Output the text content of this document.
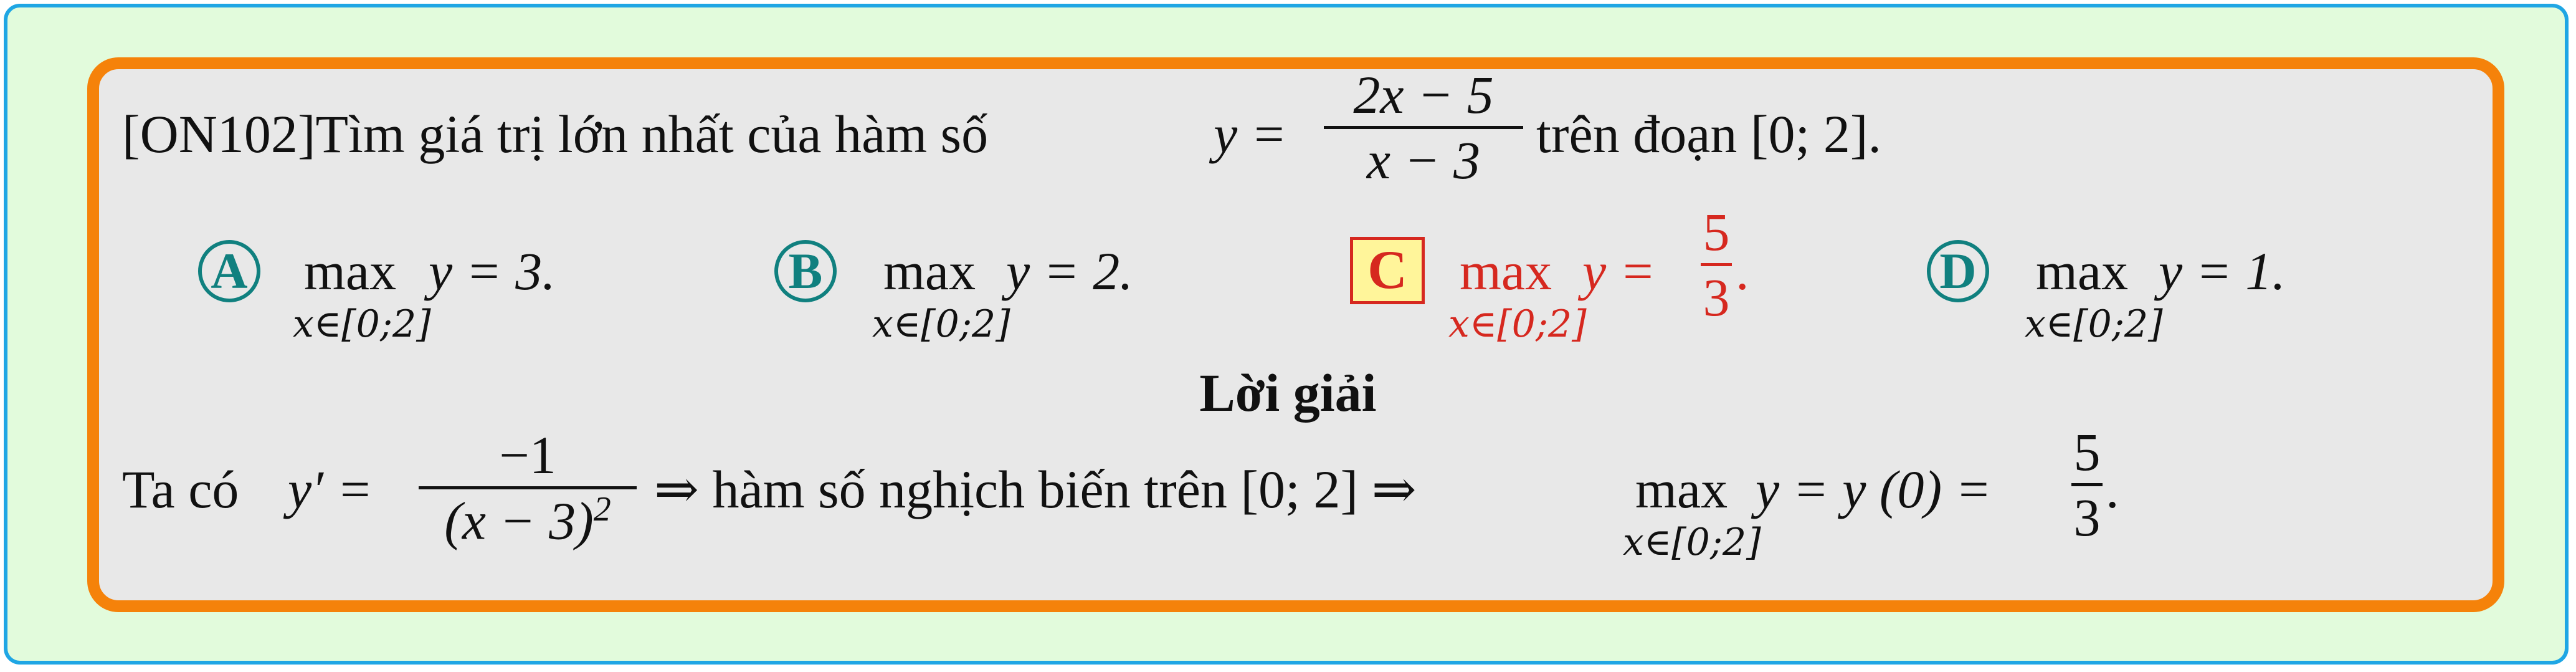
[ON102]Tìm giá trị lớn nhất của hàm số	y =
2x − 5
x − 3	trên đoạn [0; 2].
A max
x∈[0;2]
y = 3.	B max
x∈[0;2]
y = 2.	C max
x∈[0;2]
y =
5
3 .	D max
x∈[0;2]
y = 1.
Lời giải
Ta có y′ =
−1
$(x - 3)^2$ ⇒ hàm số nghịch biến trên [0; 2] ⇒	max
x∈[0;2]
y = y (0) =
5
3 .
